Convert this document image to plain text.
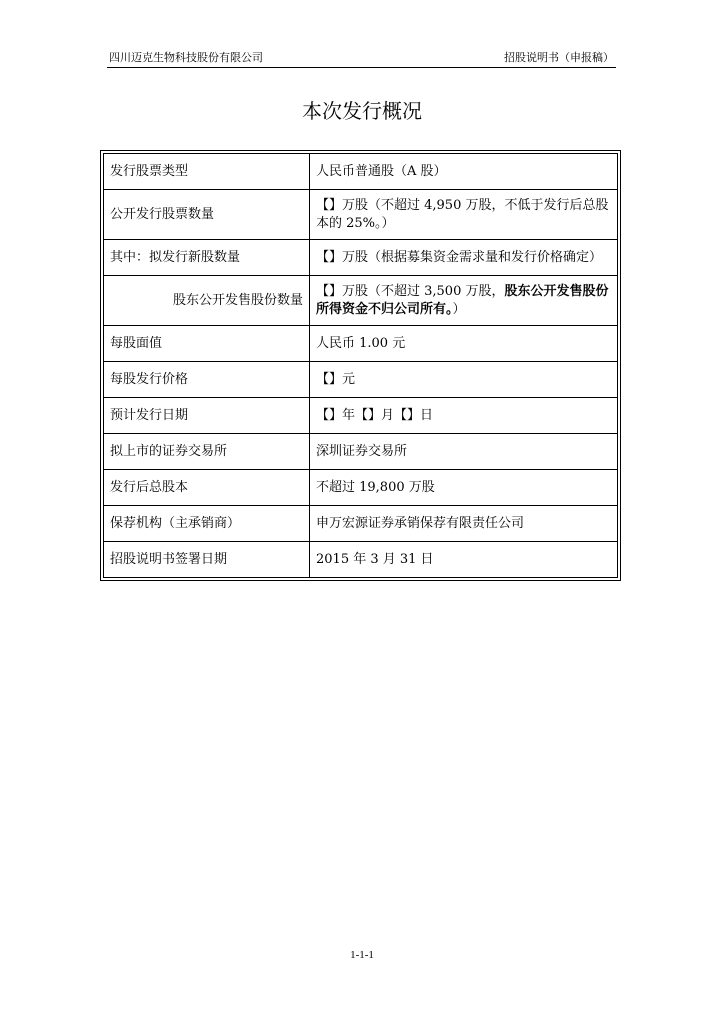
四川迈克生物科技股份有限公司	招股说明书（申报稿）
本次发行概况
发行股票类型	人民币普通股（A 股）
公开发行股票数量	【】万股（不超过 4,950 万股，不低于发行后总股本的 25%。）
其中：拟发行新股数量	【】万股（根据募集资金需求量和发行价格确定）
股东公开发售股份数量	【】万股（不超过 3,500 万股，股东公开发售股份所得资金不归公司所有。）
每股面值	人民币 1.00 元
每股发行价格	【】元
预计发行日期	【】年【】月【】日
拟上市的证券交易所	深圳证券交易所
发行后总股本	不超过 19,800 万股
保荐机构（主承销商）	申万宏源证券承销保荐有限责任公司
招股说明书签署日期	2015 年 3 月 31 日
1-1-1
